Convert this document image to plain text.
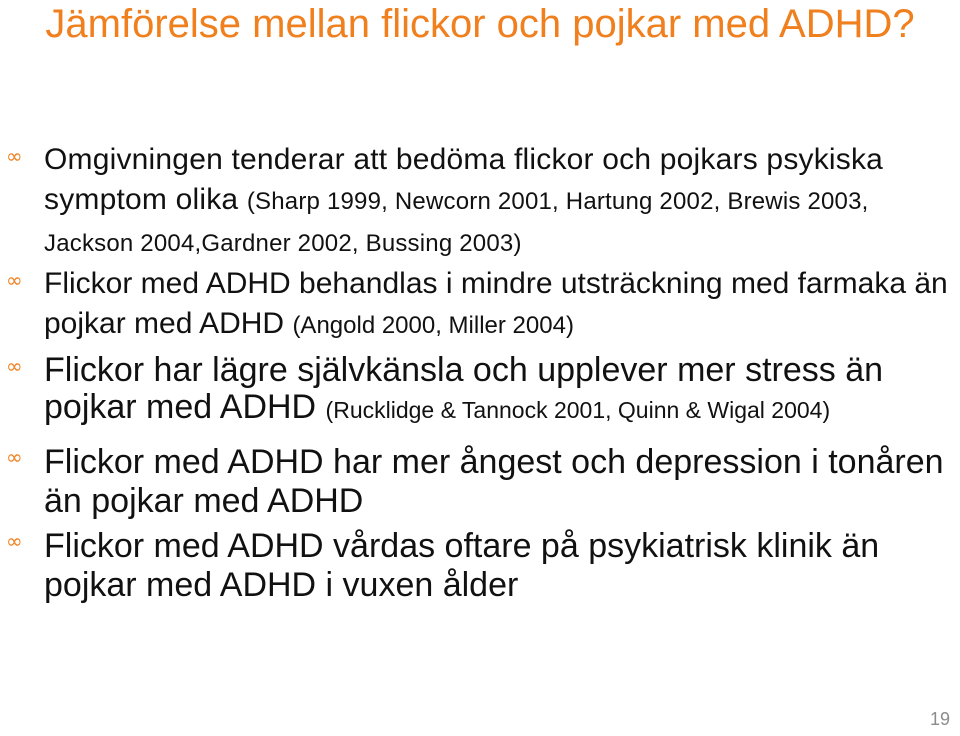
Jämförelse mellan flickor och pojkar med ADHD?
∞ Omgivningen tenderar att bedöma flickor och pojkars psykiska symptom olika (Sharp 1999, Newcorn 2001, Hartung 2002, Brewis 2003, Jackson 2004,Gardner 2002, Bussing 2003)
∞ Flickor med ADHD behandlas i mindre utsträckning med farmaka än pojkar med ADHD (Angold 2000, Miller 2004)
∞ Flickor har lägre självkänsla och upplever mer stress än pojkar med ADHD (Rucklidge & Tannock 2001, Quinn & Wigal 2004)
∞ Flickor med ADHD har mer ångest och depression i tonåren än pojkar med ADHD
∞ Flickor med ADHD vårdas oftare på psykiatrisk klinik än pojkar med ADHD i vuxen ålder
19
